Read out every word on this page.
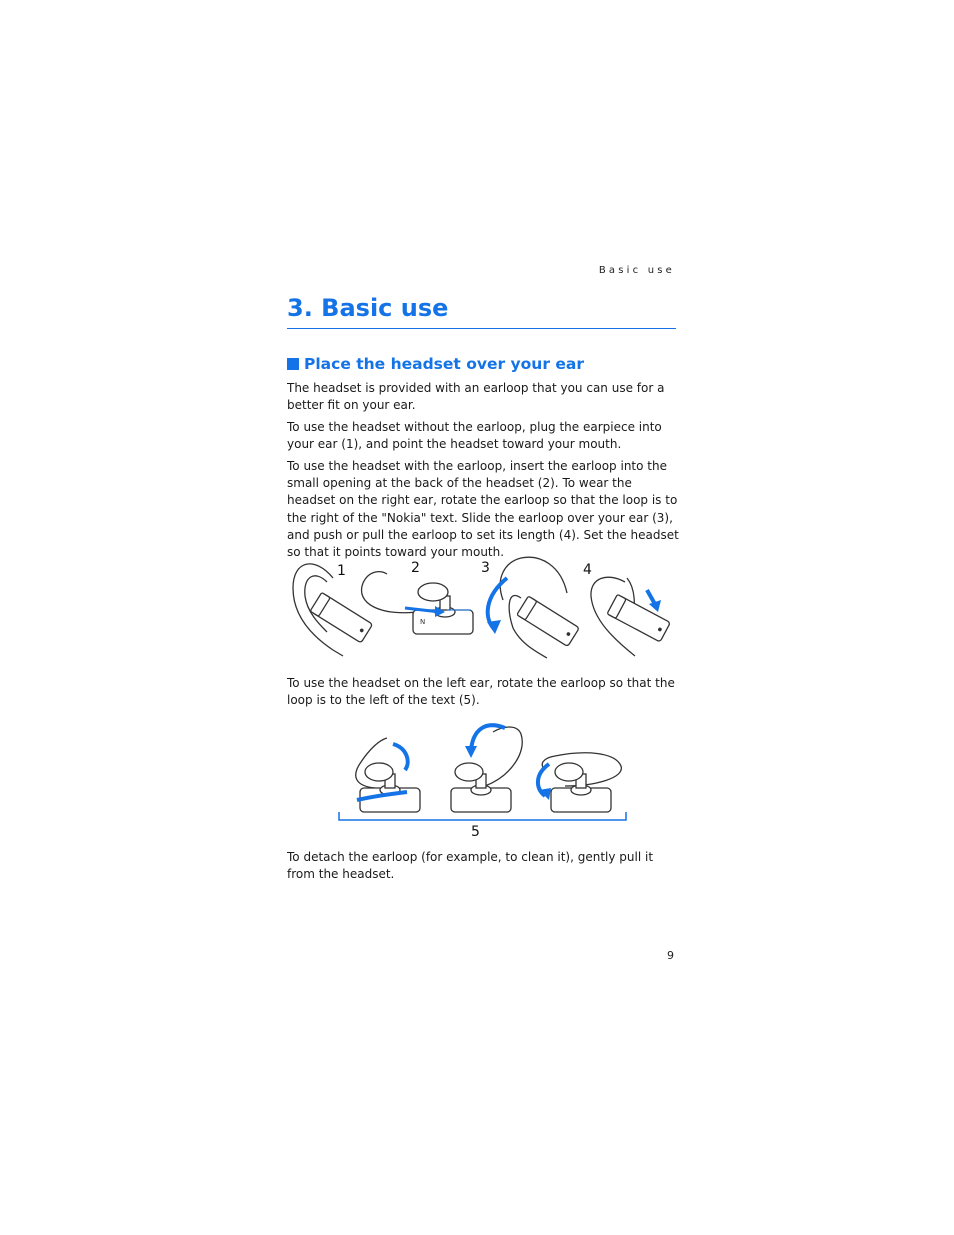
Basic use
3. Basic use
Place the headset over your ear

The headset is provided with an earloop that you can use for a better fit on your ear.

To use the headset without the earloop, plug the earpiece into your ear (1), and point the headset toward your mouth.

To use the headset with the earloop, insert the earloop into the small opening at the back of the headset (2). To wear the headset on the right ear, rotate the earloop so that the loop is to the right of the "Nokia" text. Slide the earloop over your ear (3), and push or pull the earloop to set its length (4). Set the headset so that it points toward your mouth.

1
N
2	3	4

To use the headset on the left ear, rotate the earloop so that the loop is to the left of the text (5).

5

To detach the earloop (for example, to clean it), gently pull it from the headset.

9
